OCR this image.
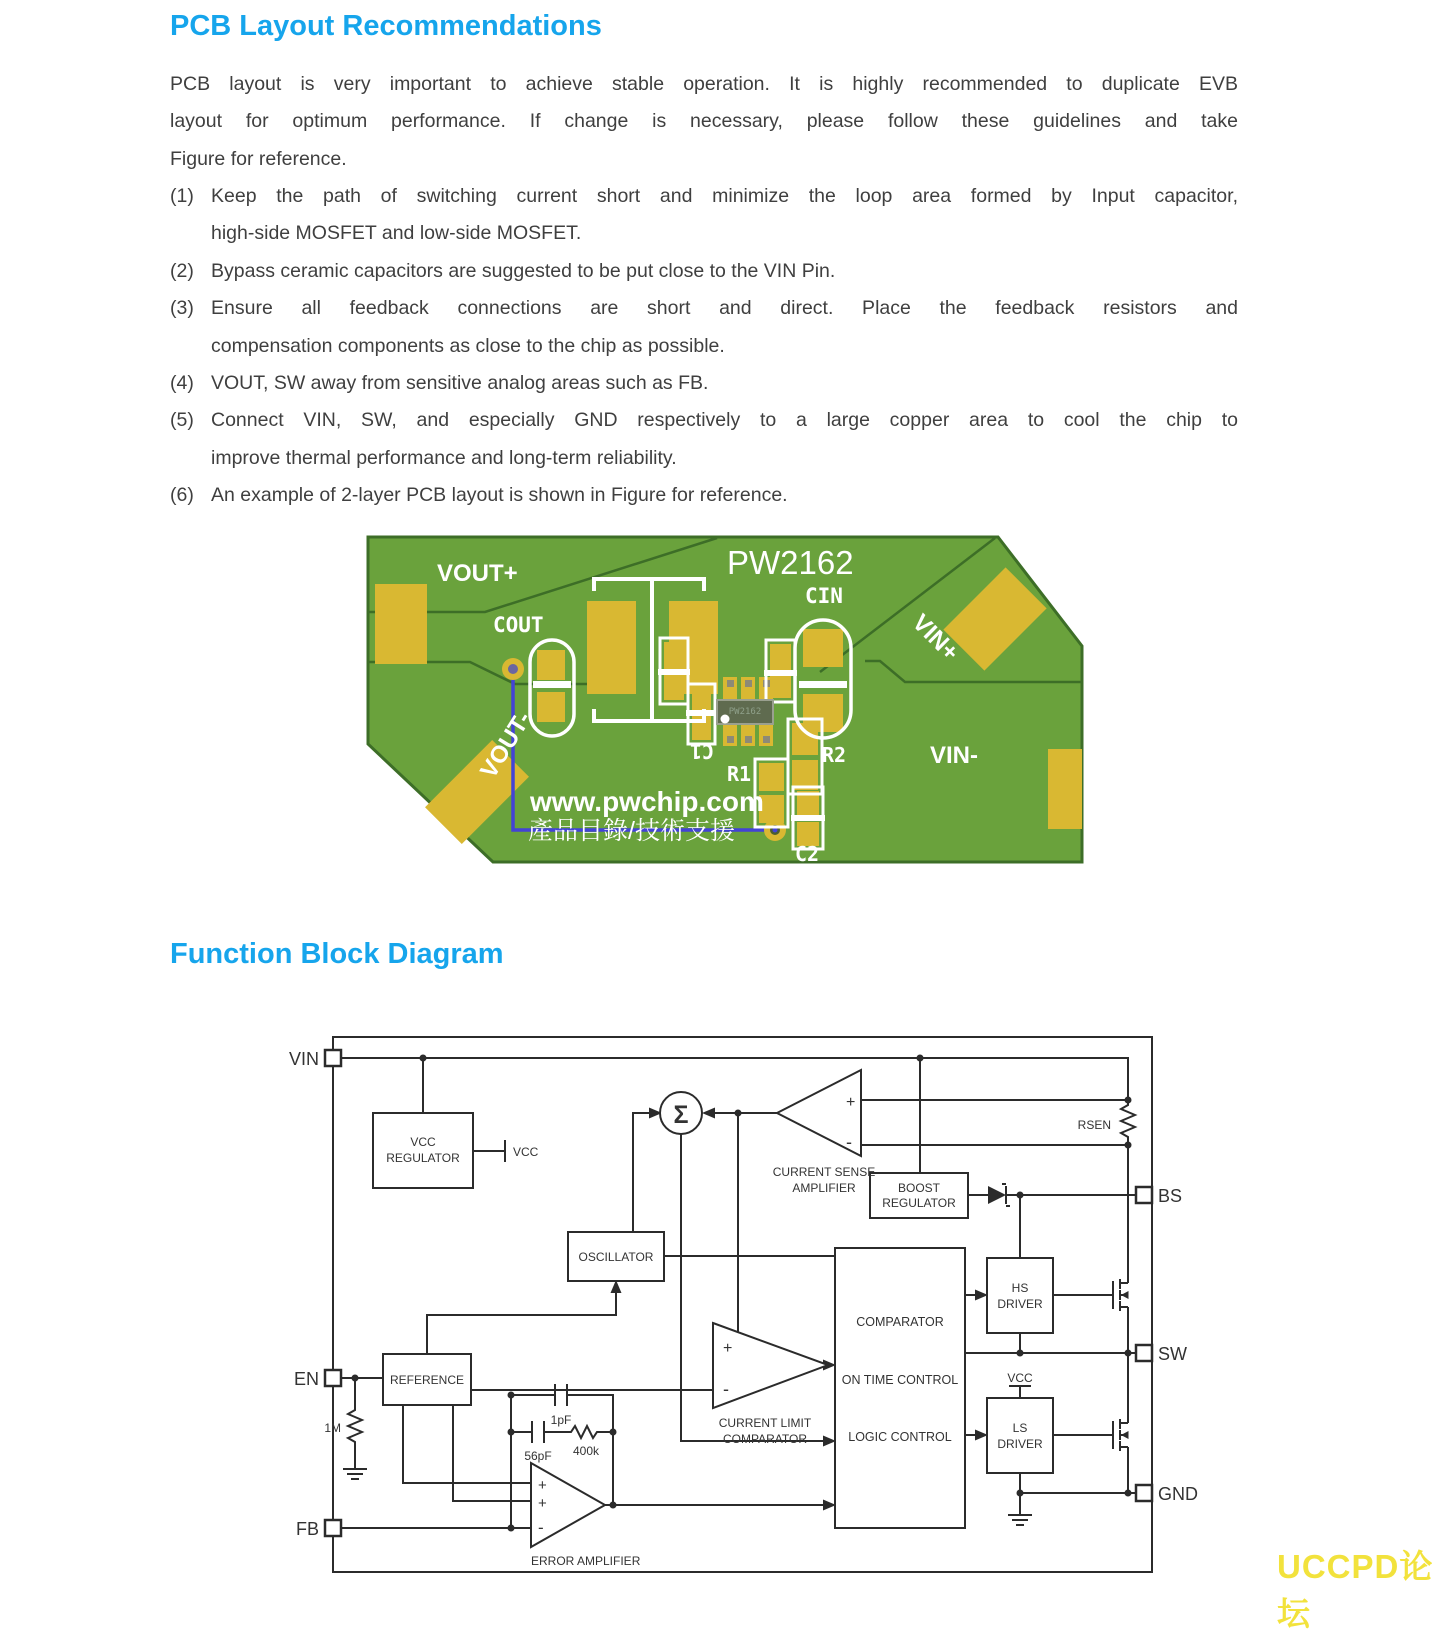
PCB Layout Recommendations
PCB layout is very important to achieve stable operation. It is highly recommended to duplicate EVB
layout for optimum performance. If change is necessary, please follow these guidelines and take
Figure for reference.
(1) Keep the path of switching current short and minimize the loop area formed by Input capacitor,
high-side MOSFET and low-side MOSFET.
(2) Bypass ceramic capacitors are suggested to be put close to the VIN Pin.
(3) Ensure all feedback connections are short and direct. Place the feedback resistors and
compensation components as close to the chip as possible.
(4) VOUT, SW away from sensitive analog areas such as FB.
(5) Connect VIN, SW, and especially GND respectively to a large copper area to cool the chip to
improve thermal performance and long-term reliability.
(6) An example of 2-layer PCB layout is shown in Figure for reference.
PW2162
VOUT+
COUT
PW2162
CIN
VIN+
VOUT-	VIN-
C1
R1
R2
C2
www.pwchip.com
產品目錄/技術支援
Function Block Diagram
VIN
EN
FB
BS
SW
GND
VCC
REGULATOR	VCC
OSCILLATOR
REFERENCE
BOOST
REGULATOR
COMPARATOR
ON TIME CONTROL
LOGIC CONTROL
HS
DRIVER
LS
DRIVER
VCC
CURRENT SENSE
AMPLIFIER
CURRENT LIMIT
COMPARATOR
ERROR AMPLIFIER
RSEN
1M
1pF
56pF 400k
Σ	+
-
+
-
+
+
-
UCCPD论坛
